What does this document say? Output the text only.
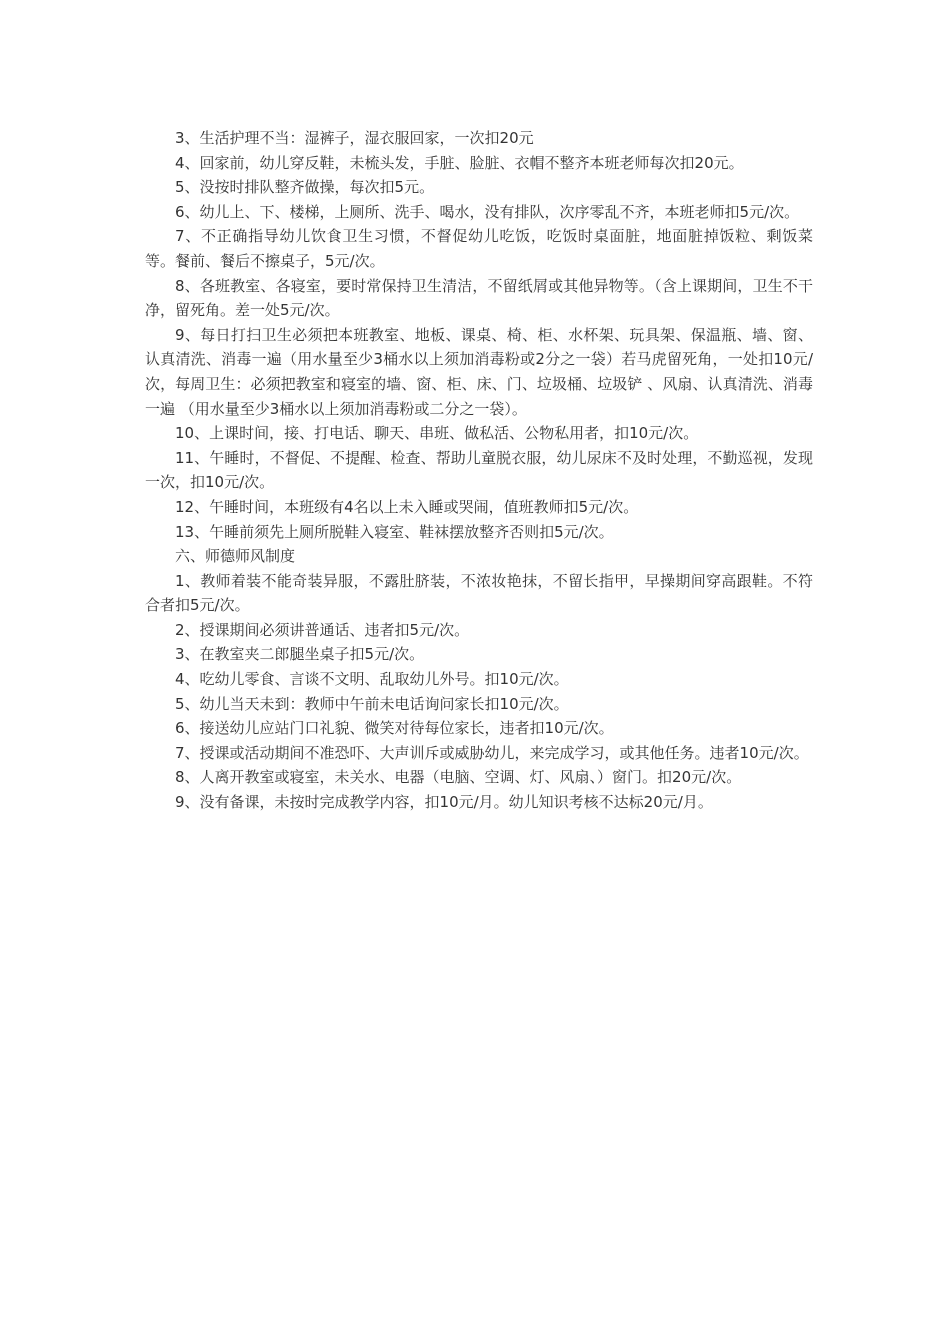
3、生活护理不当：湿裤子，湿衣服回家，一次扣20元

4、回家前，幼儿穿反鞋，未梳头发，手脏、脸脏、衣帽不整齐本班老师每次扣20元。

5、没按时排队整齐做操，每次扣5元。

6、幼儿上、下、楼梯，上厕所、洗手、喝水，没有排队，次序零乱不齐，本班老师扣5元/次。

7、不正确指导幼儿饮食卫生习惯，不督促幼儿吃饭，吃饭时桌面脏，地面脏掉饭粒、剩饭菜等。餐前、餐后不擦桌子，5元/次。

8、各班教室、各寝室，要时常保持卫生清洁，不留纸屑或其他异物等。（含上课期间，卫生不干净，留死角。差一处5元/次。

9、每日打扫卫生必须把本班教室、地板、课桌、椅、柜、水杯架、玩具架、保温瓶、墙、窗、 认真清洗、消毒一遍（用水量至少3桶水以上须加消毒粉或2分之一袋）若马虎留死角，一处扣10元/次，每周卫生：必须把教室和寝室的墙、窗、柜、床、门、垃圾桶、垃圾铲 、风扇、认真清洗、消毒一遍 （用水量至少3桶水以上须加消毒粉或二分之一袋）。

10、上课时间，接、打电话、聊天、串班、做私活、公物私用者，扣10元/次。

11、午睡时，不督促、不提醒、检查、帮助儿童脱衣服，幼儿尿床不及时处理，不勤巡视，发现一次，扣10元/次。

12、午睡时间，本班级有4名以上未入睡或哭闹，值班教师扣5元/次。

13、午睡前须先上厕所脱鞋入寝室、鞋袜摆放整齐否则扣5元/次。

六、师德师风制度

1、教师着装不能奇装异服，不露肚脐装，不浓妆艳抹，不留长指甲，早操期间穿高跟鞋。不符合者扣5元/次。

2、授课期间必须讲普通话、违者扣5元/次。

3、在教室夹二郎腿坐桌子扣5元/次。

4、吃幼儿零食、言谈不文明、乱取幼儿外号。扣10元/次。

5、幼儿当天未到：教师中午前未电话询问家长扣10元/次。

6、接送幼儿应站门口礼貌、微笑对待每位家长，违者扣10元/次。

7、授课或活动期间不准恐吓、大声训斥或威胁幼儿，来完成学习，或其他任务。违者10元/次。

8、人离开教室或寝室，未关水、电器（电脑、空调、灯、风扇、）窗门。扣20元/次。

9、没有备课，未按时完成教学内容，扣10元/月。幼儿知识考核不达标20元/月。
